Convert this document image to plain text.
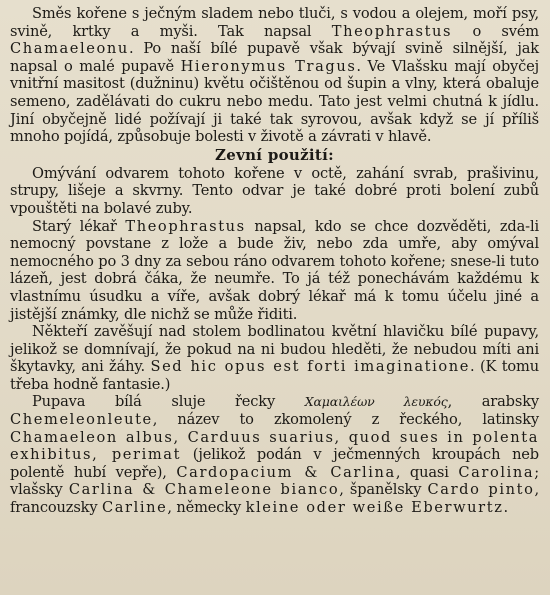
Směs kořene s ječným sladem nebo tluči, s vodou a olejem, moří psy, svině, krtky a myši. Tak napsal Theophrastus o svém Chamaeleonu. Po naší bílé pupavě však bývají svině silnější, jak napsal o malé pupavě Hieronymus Tragus. Ve Vlašsku mají obyčej vnitřní masitost (dužninu) květu očištěnou od šupin a vlny, která obaluje semeno, zadělávati do cukru nebo medu. Tato jest velmi chutná k jídlu. Jiní obyčejně lidé požívají ji také tak syrovou, avšak když se jí příliš mnoho pojídá, způsobuje bolesti v životě a závrati v hlavě.

Zevní použití:

Omývání odvarem tohoto kořene v octě, zahání svrab, prašivinu, strupy, lišeje a skvrny. Tento odvar je také dobré proti bolení zubů vpouštěti na bolavé zuby.

Starý lékař Theophrastus napsal, kdo se chce dozvěděti, zda-li nemocný povstane z lože a bude živ, nebo zda umře, aby omýval nemocného po 3 dny za sebou ráno odvarem tohoto kořene; snese-li tuto lázeň, jest dobrá čáka, že neumře. To já též ponechávám každému k vlastnímu úsudku a víře, avšak dobrý lékař má k tomu účelu jiné a jistější známky, dle nichž se může řiditi.

Někteří zavěšují nad stolem bodlinatou květní hlavičku bílé pupavy, jelikož se domnívají, že pokud na ni budou hleděti, že nebudou míti ani škytavky, ani žáhy. Sed hic opus est forti imaginatione. (K tomu třeba hodně fantasie.)

Pupava bílá sluje řecky Χαμαιλέων λευκός, arabsky Chemeleonleute, název to zkomolený z řeckého, latinsky Chamaeleon albus, Carduus suarius, quod sues in polenta exhibitus, perimat (jelikož podán v ječmenných kroupách neb polentě hubí vepře), Cardopacium & Carlina, quasi Carolina; vlašsky Carlina & Chameleone bianco, španělsky Cardo pinto, francouzsky Carline, německy kleine oder weiße Eberwurtz.
